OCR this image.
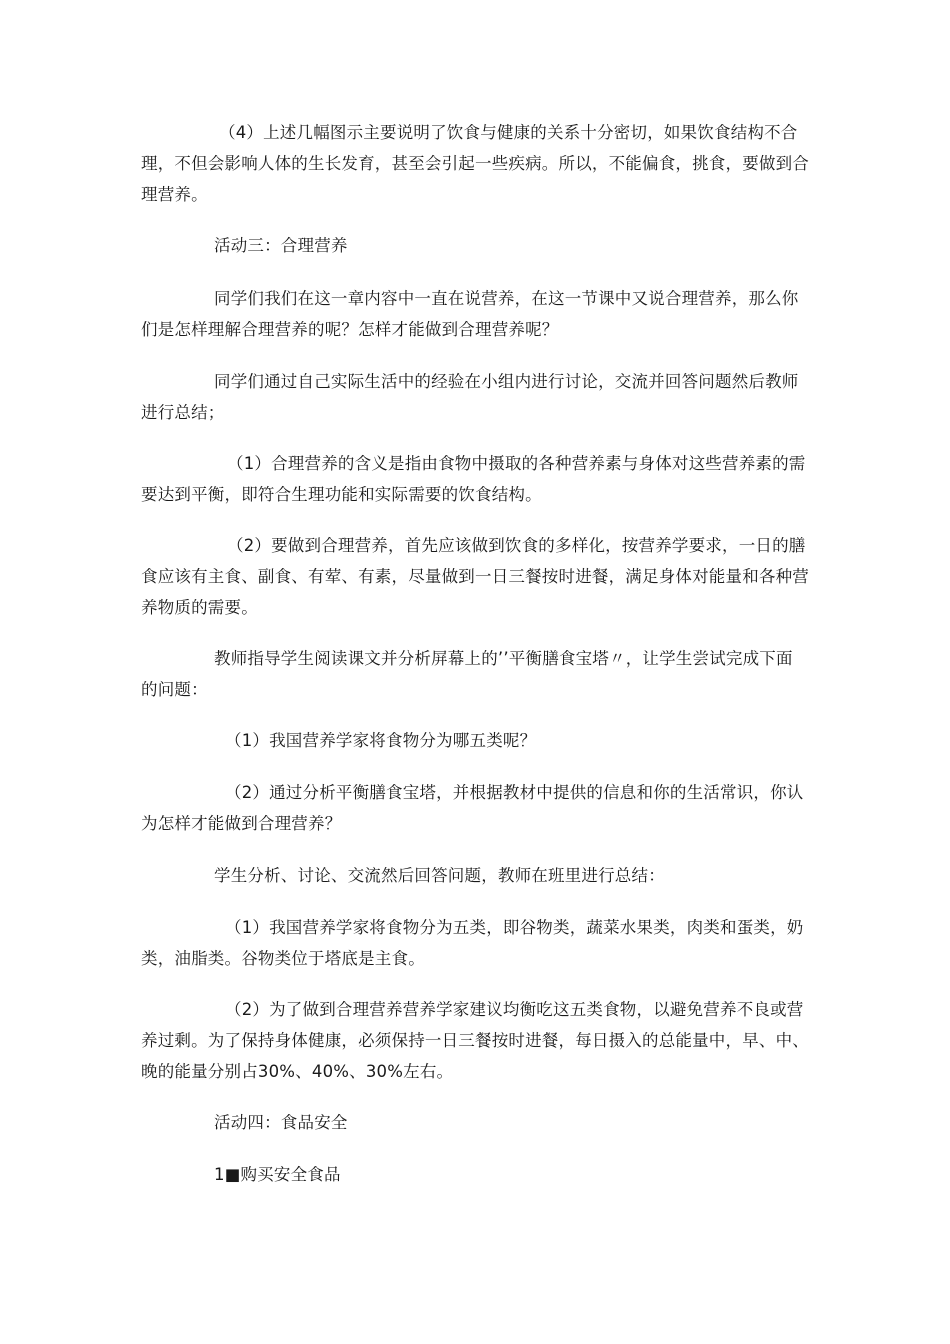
（4）上述几幅图示主要说明了饮食与健康的关系十分密切，如果饮食结构不合理，不但会影响人体的生长发育，甚至会引起一些疾病。所以，不能偏食，挑食，要做到合理营养。

活动三：合理营养

同学们我们在这一章内容中一直在说营养，在这一节课中又说合理营养，那么你们是怎样理解合理营养的呢？怎样才能做到合理营养呢？

同学们通过自己实际生活中的经验在小组内进行讨论，交流并回答问题然后教师进行总结；

（1）合理营养的含义是指由食物中摄取的各种营养素与身体对这些营养素的需要达到平衡，即符合生理功能和实际需要的饮食结构。

（2）要做到合理营养，首先应该做到饮食的多样化，按营养学要求，一日的膳食应该有主食、副食、有荤、有素，尽量做到一日三餐按时进餐，满足身体对能量和各种营养物质的需要。

教师指导学生阅读课文并分析屏幕上的’’平衡膳食宝塔〃，让学生尝试完成下面的问题：

（1）我国营养学家将食物分为哪五类呢？

（2）通过分析平衡膳食宝塔，并根据教材中提供的信息和你的生活常识，你认为怎样才能做到合理营养？

学生分析、讨论、交流然后回答问题，教师在班里进行总结：

（1）我国营养学家将食物分为五类，即谷物类，蔬菜水果类，肉类和蛋类，奶类，油脂类。谷物类位于塔底是主食。

（2）为了做到合理营养营养学家建议均衡吃这五类食物，以避免营养不良或营养过剩。为了保持身体健康，必须保持一日三餐按时进餐，每日摄入的总能量中，早、中、晚的能量分别占30%、40%、30%左右。

活动四：食品安全

1■购买安全食品
